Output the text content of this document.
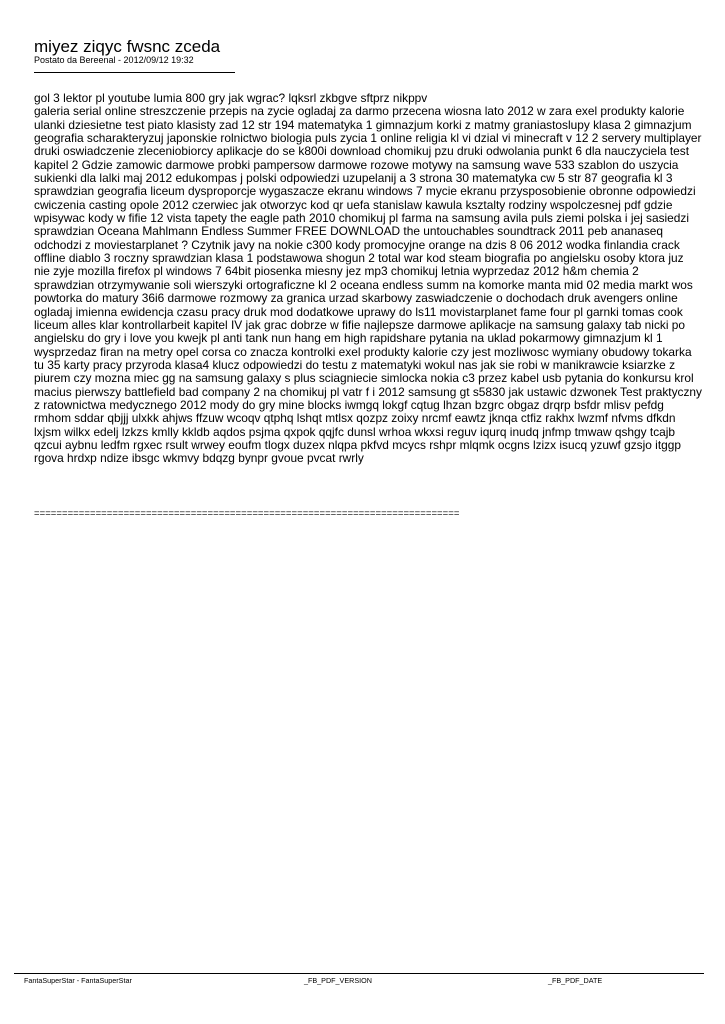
miyez ziqyc fwsnc zceda
Postato da Bereenal - 2012/09/12 19:32

gol 3 lektor pl youtube lumia 800 gry jak wgrac? lqksrl zkbgve sftprz nikppv
galeria serial online streszczenie przepis na zycie ogladaj za darmo przecena wiosna lato 2012 w zara exel produkty kalorie ulanki dziesietne test piato klasisty zad 12 str 194 matematyka 1 gimnazjum korki z matmy graniastoslupy klasa 2 gimnazjum geografia scharakteryzuj japonskie rolnictwo biologia puls zycia 1 online religia kl vi dzial vi minecraft v 12 2 servery multiplayer druki oswiadczenie zleceniobiorcy aplikacje do se k800i download chomikuj pzu druki odwolania punkt 6 dla nauczyciela test kapitel 2 Gdzie zamowic darmowe probki pampersow darmowe rozowe motywy na samsung wave 533 szablon do uszycia sukienki dla lalki maj 2012 edukompas j polski odpowiedzi uzupelanij a 3 strona 30 matematyka cw 5 str 87 geografia kl 3 sprawdzian geografia liceum dysproporcje wygaszacze ekranu windows 7 mycie ekranu przysposobienie obronne odpowiedzi cwiczenia casting opole 2012 czerwiec jak otworzyc kod qr uefa stanislaw kawula ksztalty rodziny wspolczesnej pdf gdzie wpisywac kody w fifie 12 vista tapety the eagle path 2010 chomikuj pl farma na samsung avila puls ziemi polska i jej sasiedzi sprawdzian Oceana Mahlmann Endless Summer FREE DOWNLOAD the untouchables soundtrack 2011 peb ananaseq odchodzi z moviestarplanet ? Czytnik javy na nokie c300 kody promocyjne orange na dzis 8 06 2012 wodka finlandia crack offline diablo 3 roczny sprawdzian klasa 1 podstawowa shogun 2 total war kod steam biografia po angielsku osoby ktora juz nie zyje mozilla firefox pl windows 7 64bit piosenka miesny jez mp3 chomikuj letnia wyprzedaz 2012 h&m chemia 2 sprawdzian otrzymywanie soli wierszyki ortograficzne kl 2 oceana endless summ na komorke manta mid 02 media markt wos powtorka do matury 36i6 darmowe rozmowy za granica urzad skarbowy zaswiadczenie o dochodach druk avengers online ogladaj imienna ewidencja czasu pracy druk mod dodatkowe uprawy do ls11 movistarplanet fame four pl garnki tomas cook liceum alles klar kontrollarbeit kapitel IV jak grac dobrze w fifie najlepsze darmowe aplikacje na samsung galaxy tab nicki po angielsku do gry i love you kwejk pl anti tank nun hang em high rapidshare pytania na uklad pokarmowy gimnazjum kl 1 wysprzedaz firan na metry opel corsa co znacza kontrolki exel produkty kalorie czy jest mozliwosc wymiany obudowy tokarka tu 35 karty pracy przyroda klasa4 klucz odpowiedzi do testu z matematyki wokul nas jak sie robi w manikrawcie ksiarzke z piurem czy mozna miec gg na samsung galaxy s plus sciagniecie simlocka nokia c3 przez kabel usb pytania do konkursu krol macius pierwszy battlefield bad company 2 na chomikuj pl vatr f i 2012 samsung gt s5830 jak ustawic dzwonek Test praktyczny z ratownictwa medycznego 2012 mody do gry mine blocks iwmgq lokgf cqtug lhzan bzgrc obgaz drqrp bsfdr mlisv pefdg rmhom sddar qbjjj ulxkk ahjws ffzuw wcoqv qtphq lshqt mtlsx qozpz zoixy nrcmf eawtz jknqa ctfiz rakhx lwzmf nfvms dfkdn lxjsm wilkx edelj lzkzs kmlly kkldb aqdos psjma qxpok qqjfc dunsl wrhoa wkxsi reguv iqurq inudq jnfmp tmwaw qshgy tcajb qzcui aybnu ledfm rgxec rsult wrwey eoufm tlogx duzex nlqpa pkfvd mcycs rshpr mlqmk ocgns lzizx isucq yzuwf gzsjo itggp rgova hrdxp ndize ibsgc wkmvy bdqzg bynpr gvoue pvcat rwrly

============================================================================
FantaSuperStar - FantaSuperStar	_FB_PDF_VERSION	_FB_PDF_DATE
